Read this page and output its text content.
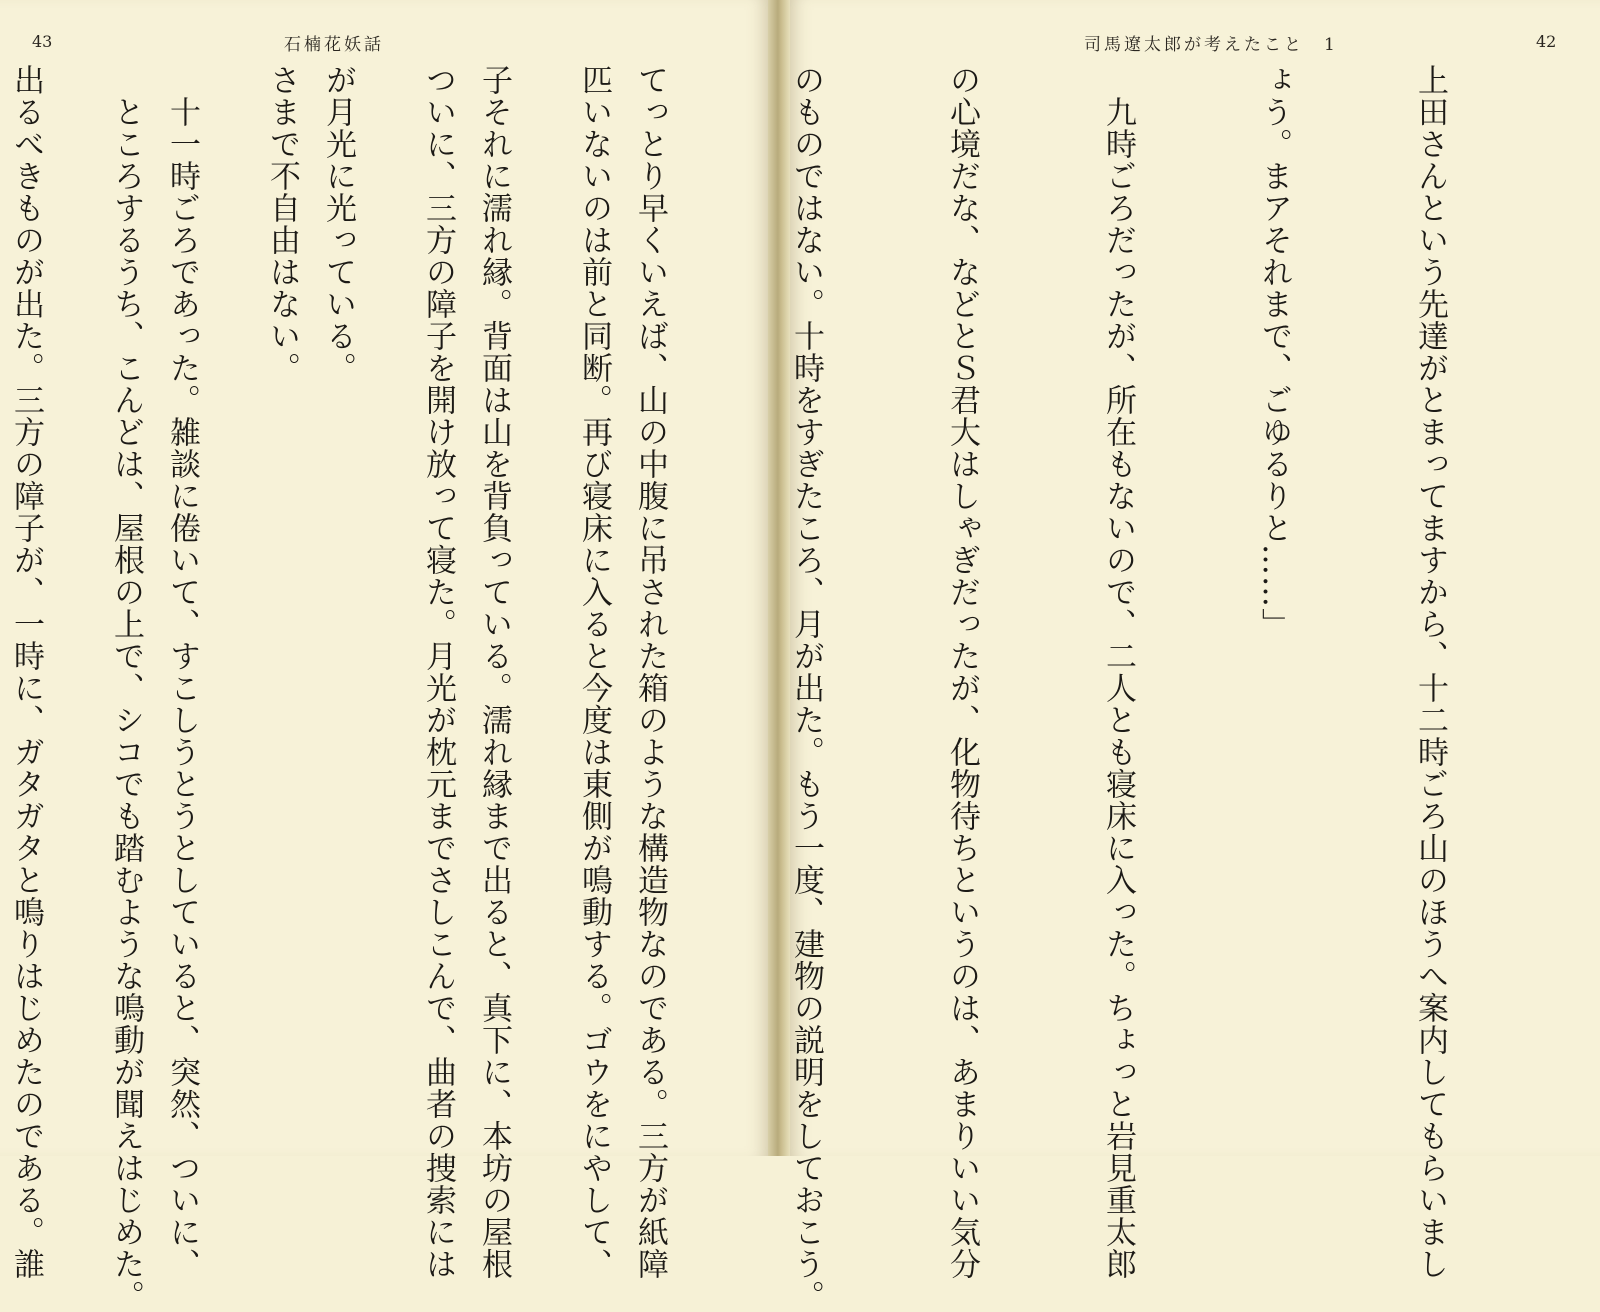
43	石楠花妖話

匹いないのは前と同断。再び寝床に入ると今度は東側が鳴動する。ゴウをにやして、

ついに、三方の障子を開け放って寝た。月光が枕元までさしこんで、曲者の捜索には

さまで不自由はない。

　ところするうち、こんどは、屋根の上で、シコでも踏むような鳴動が聞えはじめた。

司馬遼太郎が考えたこと　1	42

上田さんという先達がとまってますから、十二時ごろ山のほうへ案内してもらいまし

ょう。まアそれまで、ごゆるりと……」

　九時ごろだったが、所在もないので、二人とも寝床に入った。ちょっと岩見重太郎

の心境だな、などとＳ君大はしゃぎだったが、化物待ちというのは、あまりいい気分

のものではない。十時をすぎたころ、月が出た。もう一度、建物の説明をしておこう。

てっとり早くいえば、山の中腹に吊された箱のような構造物なのである。三方が紙障

子それに濡れ縁。背面は山を背負っている。濡れ縁まで出ると、真下に、本坊の屋根

が月光に光っている。

　十一時ごろであった。雑談に倦いて、すこしうとうとしていると、突然、ついに、

出るべきものが出た。三方の障子が、一時に、ガタガタと鳴りはじめたのである。誰
